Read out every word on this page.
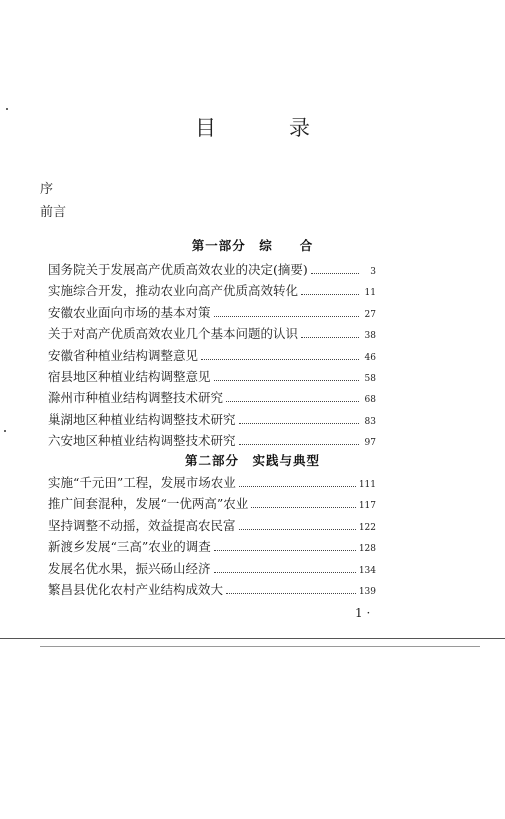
目　录
序
前言
第一部分　综　　合
国务院关于发展高产优质高效农业的决定(摘要)	3
实施综合开发，推动农业向高产优质高效转化	11
安徽农业面向市场的基本对策	27
关于对高产优质高效农业几个基本问题的认识	38
安徽省种植业结构调整意见	46
宿县地区种植业结构调整意见	58
滁州市种植业结构调整技术研究	68
巢湖地区种植业结构调整技术研究	83
六安地区种植业结构调整技术研究	97
第二部分　实践与典型
实施“千元田”工程，发展市场农业	111
推广间套混种，发展“一优两高”农业	117
坚持调整不动摇，效益提高农民富	122
新渡乡发展“三高”农业的调查	128
发展名优水果，振兴砀山经济	134
繁昌县优化农村产业结构成效大	139
1 ·
